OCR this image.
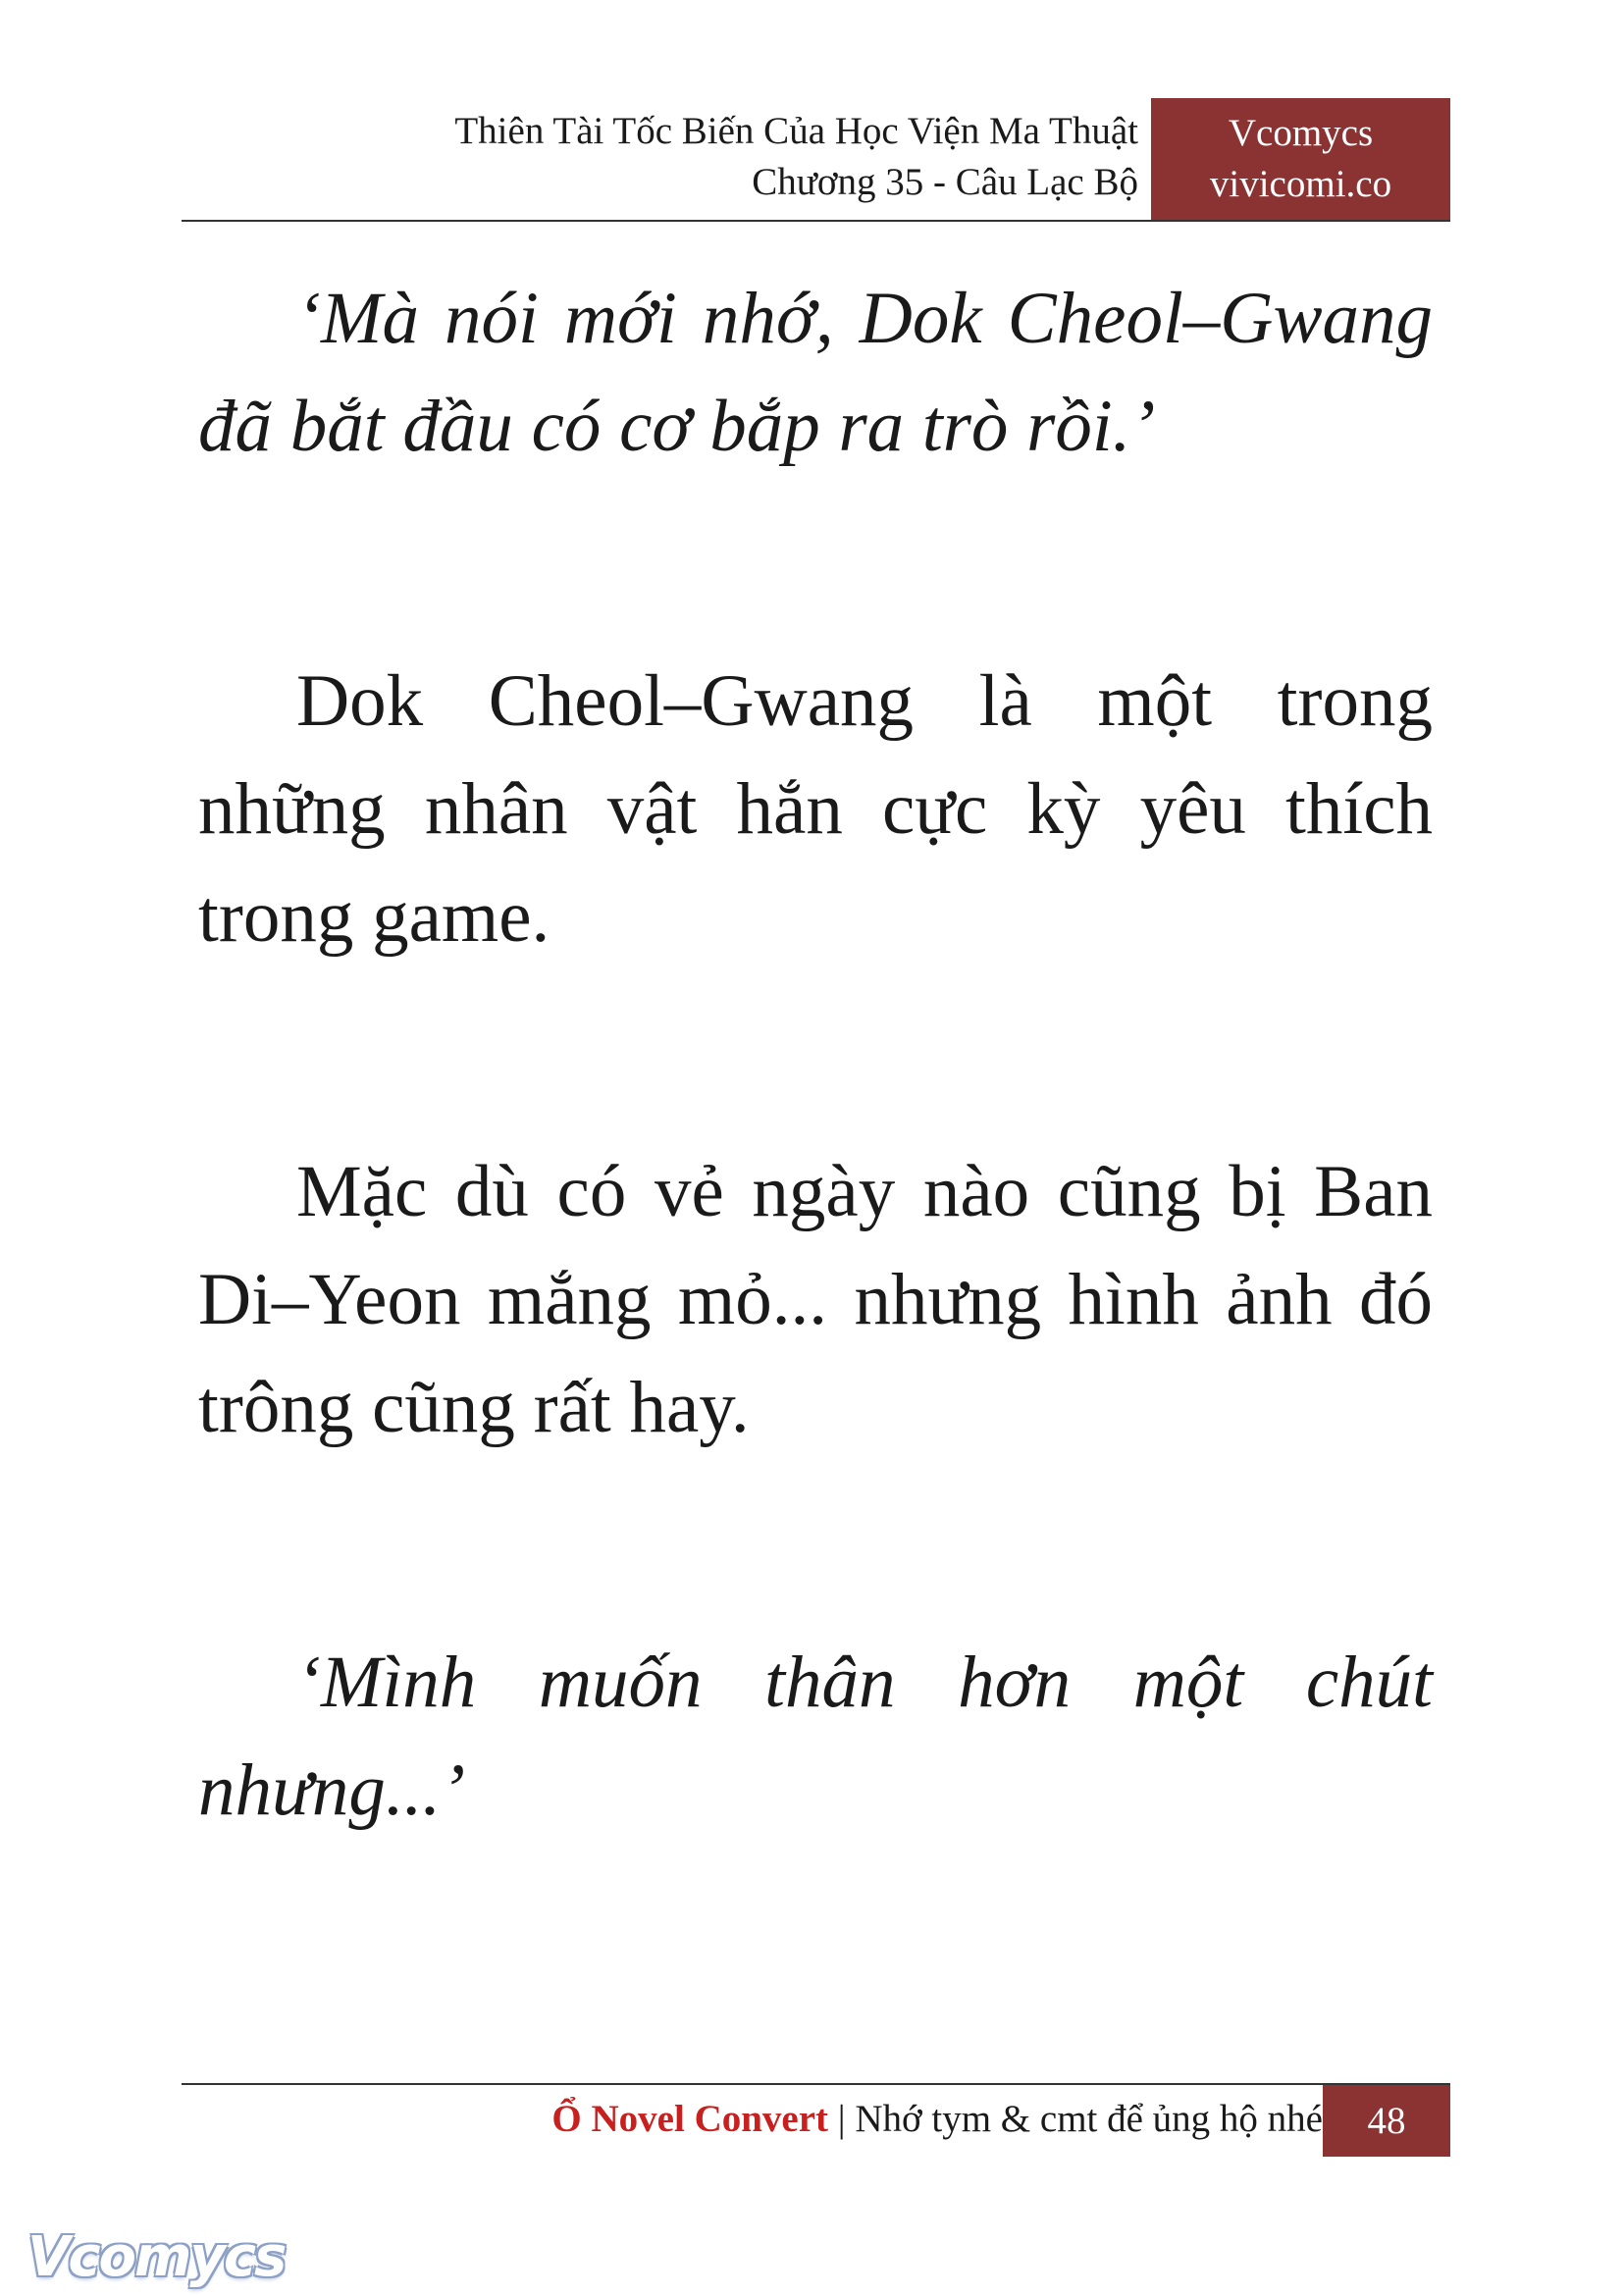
Thiên Tài Tốc Biến Của Học Viện Ma Thuật
Chương 35 - Câu Lạc Bộ
Vcomycs
vivicomi.co

‘Mà nói mới nhớ, Dok Cheol–Gwang đã bắt đầu có cơ bắp ra trò rồi.’

Dok Cheol–Gwang là một trong những nhân vật hắn cực kỳ yêu thích trong game.

Mặc dù có vẻ ngày nào cũng bị Ban Di–Yeon mắng mỏ... nhưng hình ảnh đó trông cũng rất hay.

‘Mình muốn thân hơn một chút nhưng...’

Ổ Novel Convert | Nhớ tym & cmt để ủng hộ nhé	48
Vcomycs
